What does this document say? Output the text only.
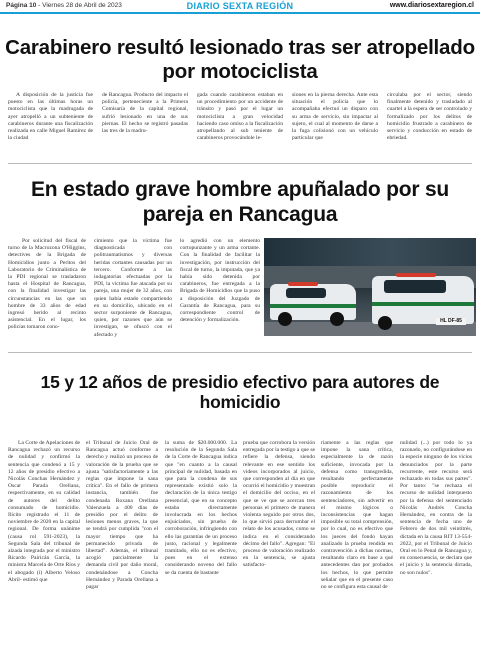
Página 10 - Viernes 28 de Abril de 2023	DIARIO SEXTA REGIÓN	www.diariosextaregion.cl
Carabinero resultó lesionado tras ser atropellado por motociclista
A disposición de la justicia fue puesto en las últimas horas un motociclista que la madrugada de ayer atropelló a un subteniente de carabineros durante una fiscalización realizada en calle Miguel Ramírez de la ciudad
de Rancagua. Producto del impacto el policía, perteneciente a la Primera Comisaría de la capital regional, sufrió lesionado en una de sus piernas. El hecho se registró pasadas las tres de la madru-
gada cuando carabineros estaban en un procedimiento por un accidente de tránsito y pasó por el lugar un motociclista a gran velocidad haciendo caso omiso a la fiscalización atropellando al sub teniente de carabineros provocándole le-
siones en la pierna derecha. Ante esta situación el policía que lo acompañaba efectuó un disparo con su arma de servicio, sin impactar al sujeto, el cual al momento de darse a la fuga colisionó con un vehículo particular que
circulaba por el sector, siendo finalmente detenido y trasladado al cuartel a la espera de ser controlado y formalizado por los delitos de homicidio frustrado a carabinero de servicio y conducción en estado de ebriedad.
En estado grave hombre apuñalado por su pareja en Rancagua
Por solicitud del fiscal de turno de la Macrozona O'Higgins, detectives de la Brigada de Homicidios junto a Peritos del Laboratorio de Criminalística de la PDI regional se trasladaron hasta el Hospital de Rancagua, con la finalidad investigar las circunstancias en las que un hombre de 33 años de edad ingresó herido al recinto asistencial. En el lugar, los policías tomaron cono-
cimiento que la víctima fue diagnosticada con politraumatismos y diversas heridas cortantes causadas por un tercero. Conforme a las indagatorias efectuadas por la PDI, la víctima fue atacada por su pareja, una mujer de 32 años, con quien había estado compartiendo en su domicilio, ubicado en el sector surponiente de Rancagua, quien, por razones que aún se investigan, se ofuscó con el afectado y
lo agredió con un elemento cortopunzante y un arma cortante. Con la finalidad de facilitar la investigación, por instrucción del fiscal de turno, la imputada, que ya había sido detenida por carabineros, fue entregada a la Brigada de Homicidios que la puso a disposición del Juzgado de Garantía de Rancagua, para su correspondiente control de detención y formalización.	HL DF-85
15 y 12 años de presidio efectivo para autores de homicidio
La Corte de Apelaciones de Rancagua rechazó un recurso de nulidad y confirmó la sentencia que condenó a 15 y 12 años de presidio efectivo a Nicolás Conchas Hernández y Oscar Parada Orellana, respectivamente, en su calidad de autores del delito consumado de homicidio. Ilícito registrado el 11 de noviembre de 2020 en la capital regional. De forma unánime (causa rol 591-2023), la Segunda Sala del tribunal de alzada integrada por el ministro Ricardo Pairicán García, la ministra Marcela de Orte Ríos y el abogado (i) Alberto Veloso Abril- estimó que
el Tribunal de Juicio Oral de Rancagua actuó conforme a derecho y realizó un proceso de valoración de la prueba que se ajusta "satisfactoriamente a las reglas que impone la sana crítica". En el fallo de primera instancia, también fue condenada Roxana Orellana Valenzuela a 400 días de presidio por el delito de lesiones menos graves, la que se tendrá por cumplida "con el mayor tiempo que ha permanecido privada de libertad". Además, el tribunal acogió parcialmente la demanda civil por daño moral, condenándose a Concha Hernández y Parada Orellana a pagar
la suma de $20.000.000. La resolución de la Segunda Sala de la Corte de Rancagua indica que "en cuanto a la causal principal de nulidad, basada en que para la condena de sus representado existió solo la declaración de la única testigo presencial, que en su concepto estaba directamente involucrada en los hechos enjuiciados, sin prueba de corroboración, infringiendo con ello las garantías de un proceso justo, racional y legalmente tramitado, ello no es efectivo, pues en el extenso considerando noveno del fallo se da cuenta de bastante
prueba que corrobora la versión entregada por la testigo a que se refiere la defensa, siendo relevante en ese sentido los videos incorporados al juicio, que corresponden al día en que ocurrió el homicidio y muestran el domicilio del occiso, en el que se ve que se acercan tres personas el primero de manera violenta seguido por otros dos, lo que sirvió para derrumbar el relato de los acusados, como se indica en el considerando décimo del fallo". Agregan: "El proceso de valoración realizado en la sentencia, se ajusta satisfacto-
riamente a las reglas que impone la sana crítica, especialmente la de razón suficiente, invocada por la defensa como transgredida, resultando perfectamente posible reproducir el razonamiento de los sentenciadores, sin advertir en el mismo lógicos o inconsistencias que hagan imposible su total comprensión, por lo cual, no es efectivo que los jueces del fondo hayan analizado la prueba rendida en contravención a dichas normas, resultando claro en base a qué antecedentes dan por probados los hechos, lo que permite señalar que en el presente caso no se configura esta causal de
nulidad (...) por todo lo ya razonado, no configurándose en la especie ninguno de los vicios denunciados por la parte recurrente, este recurso será rechazado en todas sus partes". Por tanto: "se rechaza el recurso de nulidad interpuesto por la defensa del sentenciado Nicolás Andrés Concha Hernández, en contra de la sentencia de fecha uno de Febrero de dos mil veintitrés, dictada en la causa RIT 13-554-2022, por el Tribunal de Juicio Oral en lo Penal de Rancagua y, en consecuencia, se declara que el juicio y la sentencia dictada, no son nulos".
